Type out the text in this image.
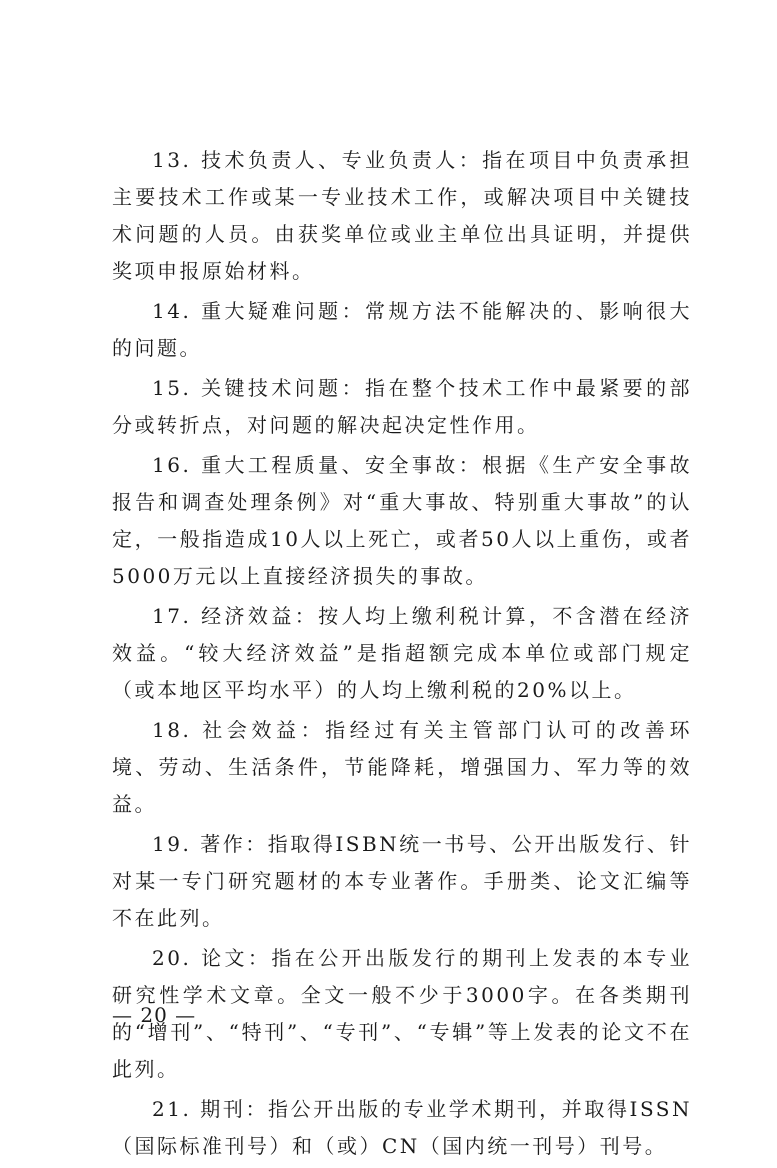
13. 技术负责人、专业负责人：指在项目中负责承担主要技术工作或某一专业技术工作，或解决项目中关键技术问题的人员。由获奖单位或业主单位出具证明，并提供奖项申报原始材料。

14. 重大疑难问题：常规方法不能解决的、影响很大的问题。

15. 关键技术问题：指在整个技术工作中最紧要的部分或转折点，对问题的解决起决定性作用。

16. 重大工程质量、安全事故：根据《生产安全事故报告和调查处理条例》对“重大事故、特别重大事故”的认定，一般指造成10人以上死亡，或者50人以上重伤，或者5000万元以上直接经济损失的事故。

17. 经济效益：按人均上缴利税计算，不含潜在经济效益。“较大经济效益”是指超额完成本单位或部门规定（或本地区平均水平）的人均上缴利税的20%以上。

18. 社会效益：指经过有关主管部门认可的改善环境、劳动、生活条件，节能降耗，增强国力、军力等的效益。

19. 著作：指取得ISBN统一书号、公开出版发行、针对某一专门研究题材的本专业著作。手册类、论文汇编等不在此列。

20. 论文：指在公开出版发行的期刊上发表的本专业研究性学术文章。全文一般不少于3000字。在各类期刊的“增刊”、“特刊”、“专刊”、“专辑”等上发表的论文不在此列。

21. 期刊：指公开出版的专业学术期刊，并取得ISSN（国际标准刊号）和（或）CN（国内统一刊号）刊号。

— 20 —
